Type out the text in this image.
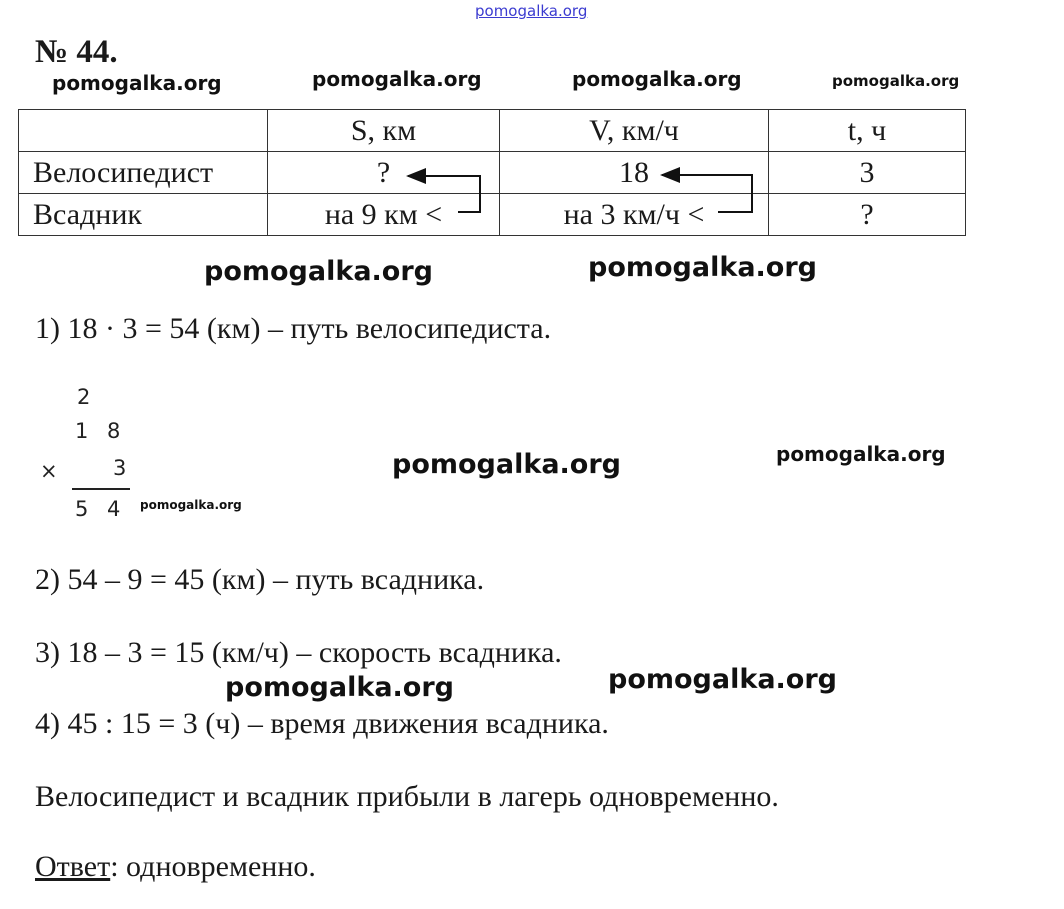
pomogalka.org
pomogalka.org	pomogalka.org	pomogalka.org	pomogalka.org
pomogalka.org	pomogalka.org
pomogalka.org	pomogalka.org
pomogalka.org
pomogalka.org	pomogalka.org
№ 44.
	S, км	V, км/ч	t, ч
Велосипедист	?	18	3
Всадник	на 9 км <	на 3 км/ч <	?
1) 18 · 3 = 54 (км) – путь велосипедиста.
2
1 8
×	3
5 4
2) 54 – 9 = 45 (км) – путь всадника.
3) 18 – 3 = 15 (км/ч) – скорость всадника.
4) 45 : 15 = 3 (ч) – время движения всадника.
Велосипедист и всадник прибыли в лагерь одновременно.
Ответ: одновременно.
